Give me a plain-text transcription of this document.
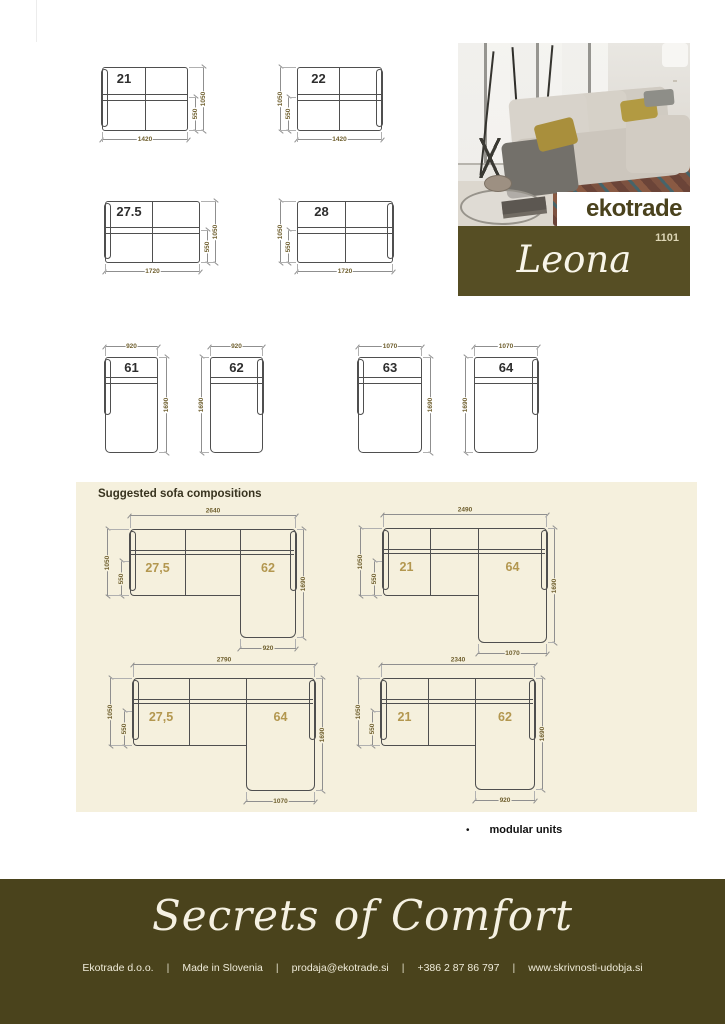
21
550
1050
1420
22
550
1050
1420
27.5
550
1050
1720
28
550
1050
1720
61
920
1690
62
920
1690
63
1070
1690
64
1070
1690
ekotrade
1101
Leona
Suggested sofa compositions
27,5	62
2640
1050
550	1690
920
21	64
2490
1050
550	1690
1070
27,5	64
2790
1050
550	1690
1070
21	62
2340
1050
550	1690
920
• modular units
Secrets of Comfort
Ekotrade d.o.o. | Made in Slovenia | prodaja@ekotrade.si | +386 2 87 86 797 | www.skrivnosti-udobja.si
